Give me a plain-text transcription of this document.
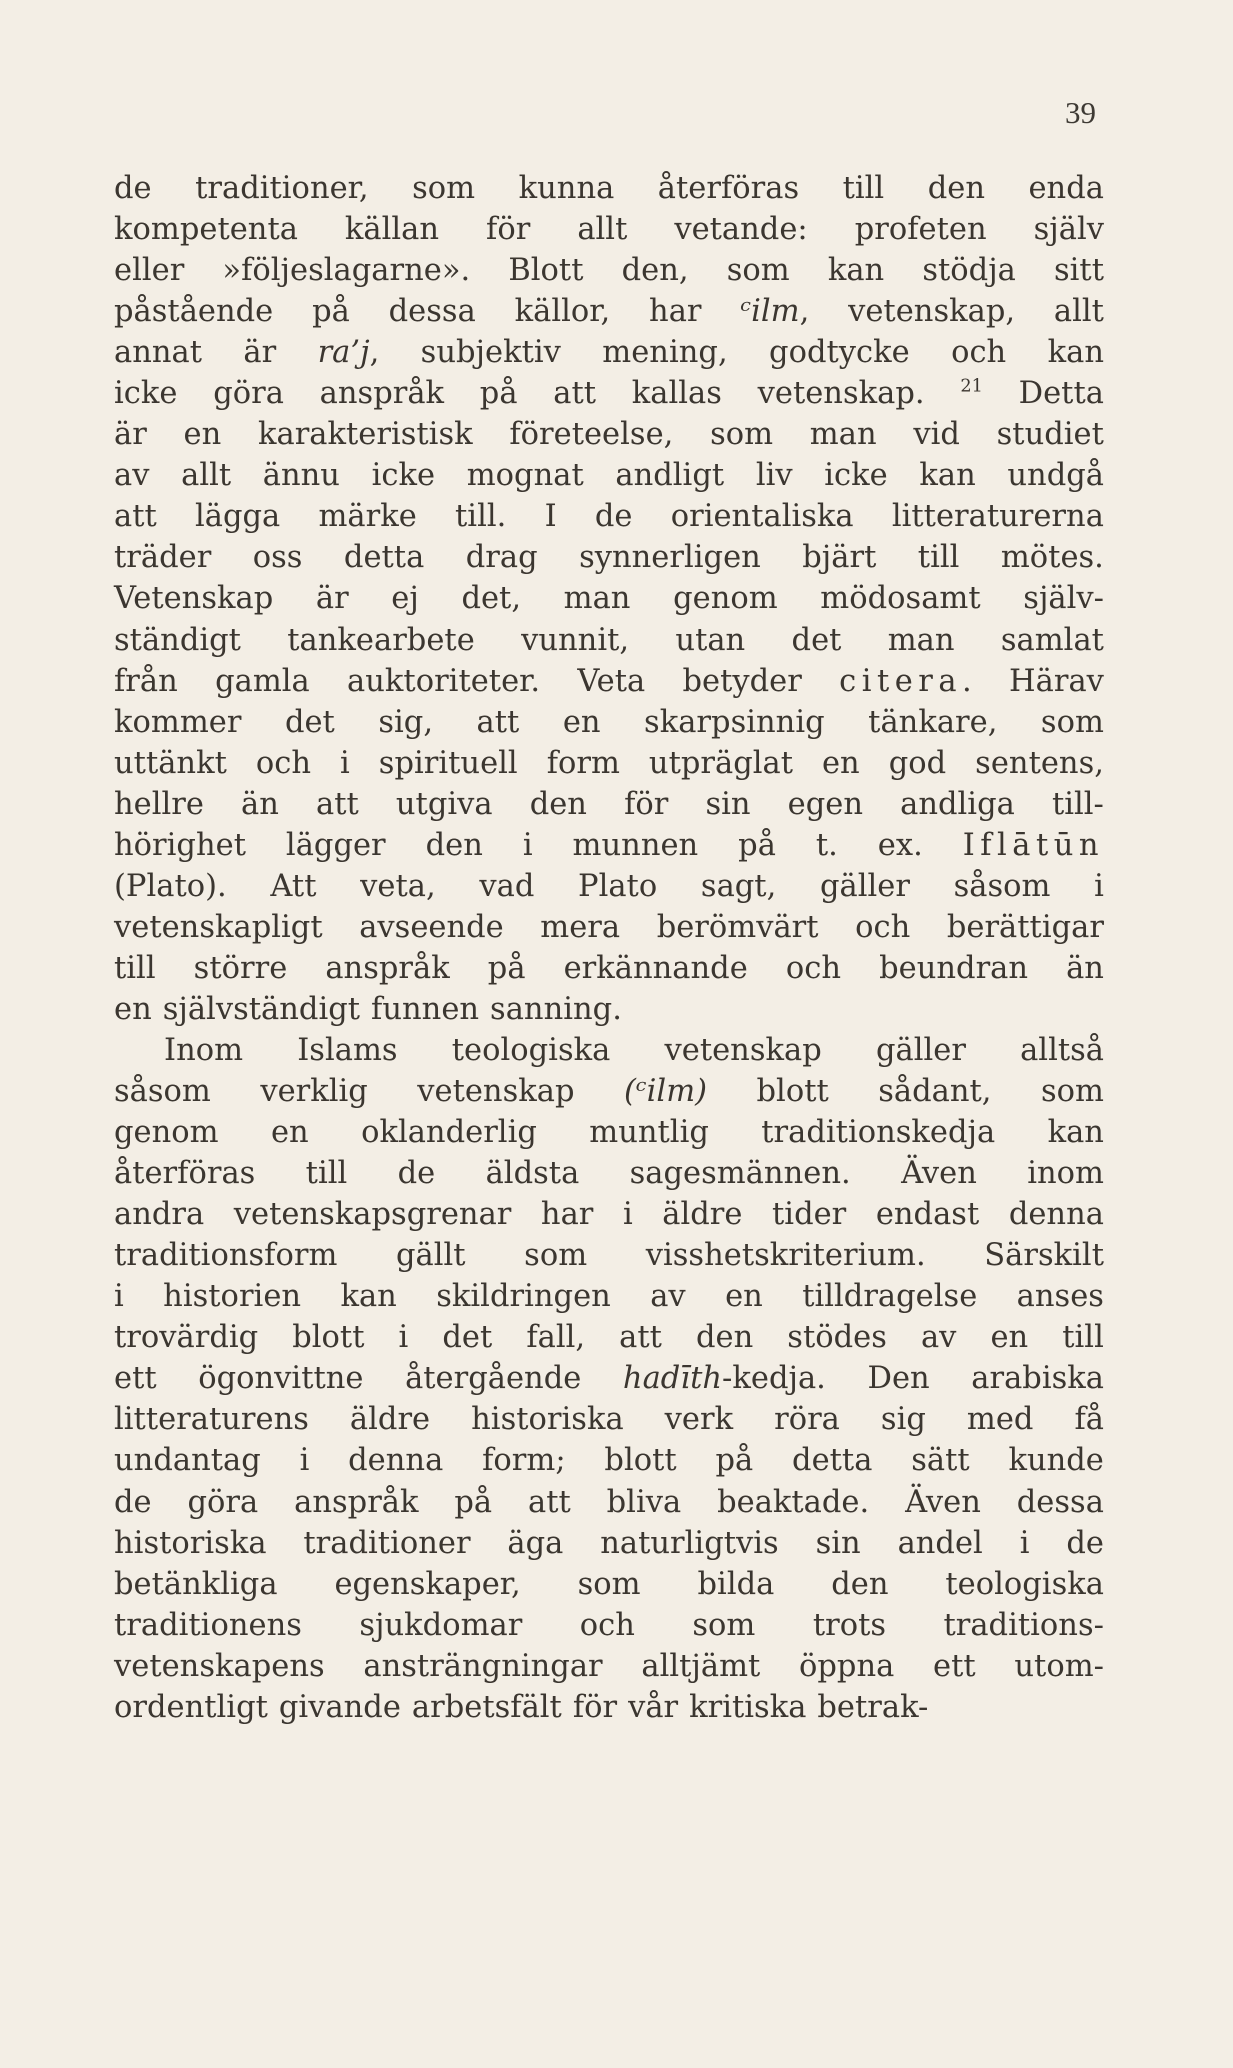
39
de traditioner, som kunna återföras till den enda
kompetenta källan för allt vetande: profeten själv
eller »följeslagarne». Blott den, som kan stödja sitt
påstående på dessa källor, har ᶜilm, vetenskap, allt
annat är ra’j, subjektiv mening, godtycke och kan
icke göra anspråk på att kallas vetenskap. $^{21}$ Detta
är en karakteristisk företeelse, som man vid studiet
av allt ännu icke mognat andligt liv icke kan undgå
att lägga märke till. I de orientaliska litteraturerna
träder oss detta drag synnerligen bjärt till mötes.
Vetenskap är ej det, man genom mödosamt själv-
ständigt tankearbete vunnit, utan det man samlat
från gamla auktoriteter. Veta betyder citera. Härav
kommer det sig, att en skarpsinnig tänkare, som
uttänkt och i spirituell form utpräglat en god sentens,
hellre än att utgiva den för sin egen andliga till-
hörighet lägger den i munnen på t. ex. Iflātūn
(Plato). Att veta, vad Plato sagt, gäller såsom i
vetenskapligt avseende mera berömvärt och berättigar
till större anspråk på erkännande och beundran än
en självständigt funnen sanning.
Inom Islams teologiska vetenskap gäller alltså
såsom verklig vetenskap (ᶜilm) blott sådant, som
genom en oklanderlig muntlig traditionskedja kan
återföras till de äldsta sagesmännen. Även inom
andra vetenskapsgrenar har i äldre tider endast denna
traditionsform gällt som visshetskriterium. Särskilt
i historien kan skildringen av en tilldragelse anses
trovärdig blott i det fall, att den stödes av en till
ett ögonvittne återgående hadīth-kedja. Den arabiska
litteraturens äldre historiska verk röra sig med få
undantag i denna form; blott på detta sätt kunde
de göra anspråk på att bliva beaktade. Även dessa
historiska traditioner äga naturligtvis sin andel i de
betänkliga egenskaper, som bilda den teologiska
traditionens sjukdomar och som trots traditions-
vetenskapens ansträngningar alltjämt öppna ett utom-
ordentligt givande arbetsfält för vår kritiska betrak-
